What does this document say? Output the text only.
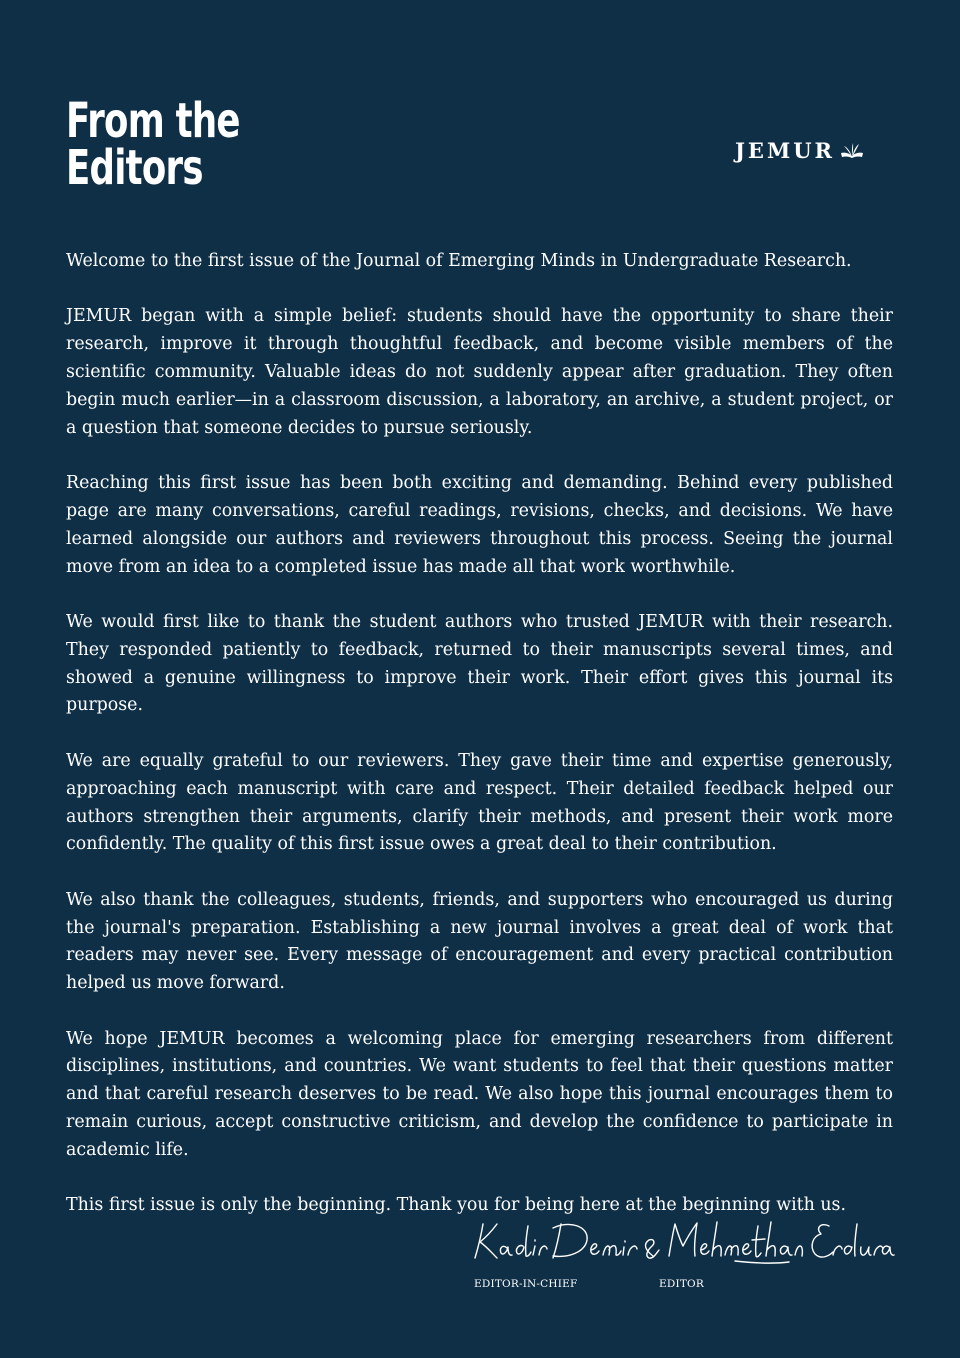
From the
Editors	JEMUR

Welcome to the first issue of the Journal of Emerging Minds in Undergraduate Research.

JEMUR began with a simple belief: students should have the opportunity to share their research, improve it through thoughtful feedback, and become visible members of the scientific community. Valuable ideas do not suddenly appear after graduation. They often begin much earlier—in a classroom discussion, a laboratory, an archive, a student project, or a question that someone decides to pursue seriously.

Reaching this first issue has been both exciting and demanding. Behind every published page are many conversations, careful readings, revisions, checks, and decisions. We have learned alongside our authors and reviewers throughout this process. Seeing the journal move from an idea to a completed issue has made all that work worthwhile.

We would first like to thank the student authors who trusted JEMUR with their research. They responded patiently to feedback, returned to their manuscripts several times, and showed a genuine willingness to improve their work. Their effort gives this journal its purpose.

We are equally grateful to our reviewers. They gave their time and expertise generously, approaching each manuscript with care and respect. Their detailed feedback helped our authors strengthen their arguments, clarify their methods, and present their work more confidently. The quality of this first issue owes a great deal to their contribution.

We also thank the colleagues, students, friends, and supporters who encouraged us during the journal's preparation. Establishing a new journal involves a great deal of work that readers may never see. Every message of encouragement and every practical contribution helped us move forward.

We hope JEMUR becomes a welcoming place for emerging researchers from different disciplines, institutions, and countries. We want students to feel that their questions matter and that careful research deserves to be read. We also hope this journal encourages them to remain curious, accept constructive criticism, and develop the confidence to participate in academic life.

This first issue is only the beginning. Thank you for being here at the beginning with us.

EDITOR-IN-CHIEF	EDITOR
